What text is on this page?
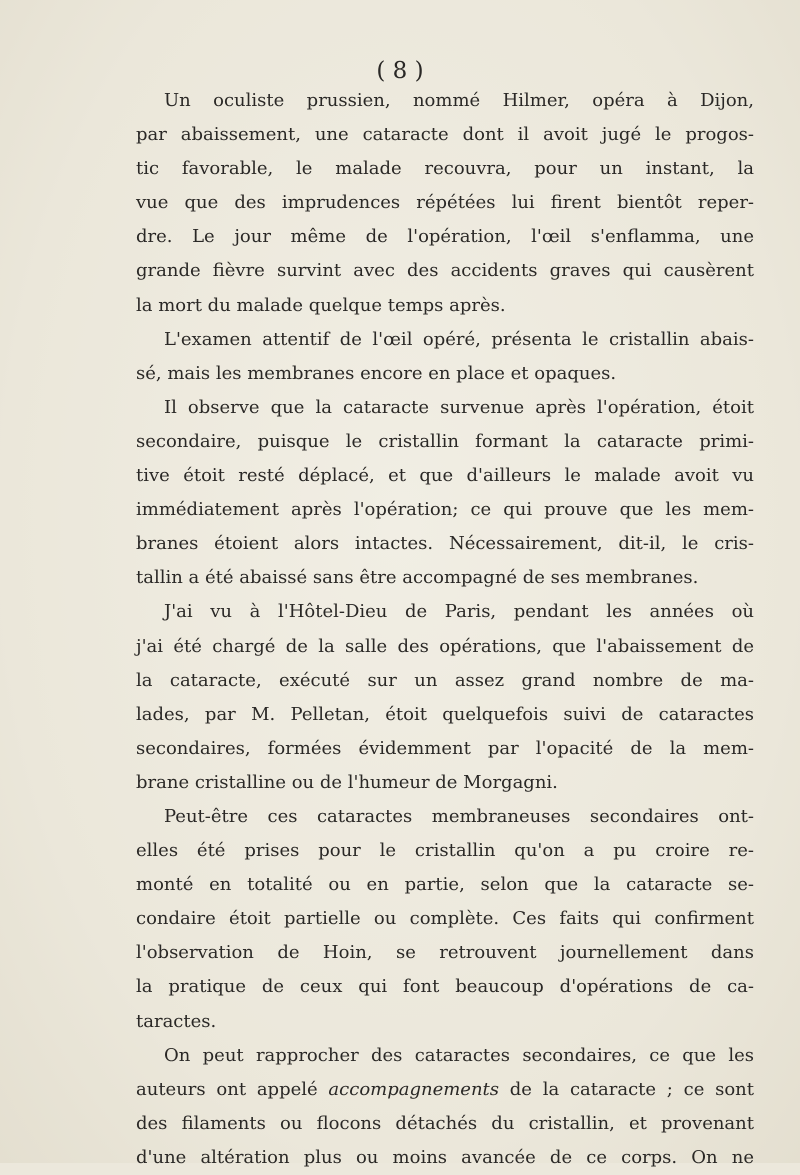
( 8 )
Un oculiste prussien, nommé Hilmer, opéra à Dijon,
par abaissement, une cataracte dont il avoit jugé le progos-
tic favorable, le malade recouvra, pour un instant, la
vue que des imprudences répétées lui firent bientôt reper-
dre. Le jour même de l'opération, l'œil s'enflamma, une
grande fièvre survint avec des accidents graves qui causèrent
la mort du malade quelque temps après.
L'examen attentif de l'œil opéré, présenta le cristallin abais-
sé, mais les membranes encore en place et opaques.
Il observe que la cataracte survenue après l'opération, étoit
secondaire, puisque le cristallin formant la cataracte primi-
tive étoit resté déplacé, et que d'ailleurs le malade avoit vu
immédiatement après l'opération; ce qui prouve que les mem-
branes étoient alors intactes. Nécessairement, dit-il, le cris-
tallin a été abaissé sans être accompagné de ses membranes.
J'ai vu à l'Hôtel-Dieu de Paris, pendant les années où
j'ai été chargé de la salle des opérations, que l'abaissement de
la cataracte, exécuté sur un assez grand nombre de ma-
lades, par M. Pelletan, étoit quelquefois suivi de cataractes
secondaires, formées évidemment par l'opacité de la mem-
brane cristalline ou de l'humeur de Morgagni.
Peut-être ces cataractes membraneuses secondaires ont-
elles été prises pour le cristallin qu'on a pu croire re-
monté en totalité ou en partie, selon que la cataracte se-
condaire étoit partielle ou complète. Ces faits qui confirment
l'observation de Hoin, se retrouvent journellement dans
la pratique de ceux qui font beaucoup d'opérations de ca-
taractes.
On peut rapprocher des cataractes secondaires, ce que les
auteurs ont appelé accompagnements de la cataracte ; ce sont
des filaments ou flocons détachés du cristallin, et provenant
d'une altération plus ou moins avancée de ce corps. On ne
